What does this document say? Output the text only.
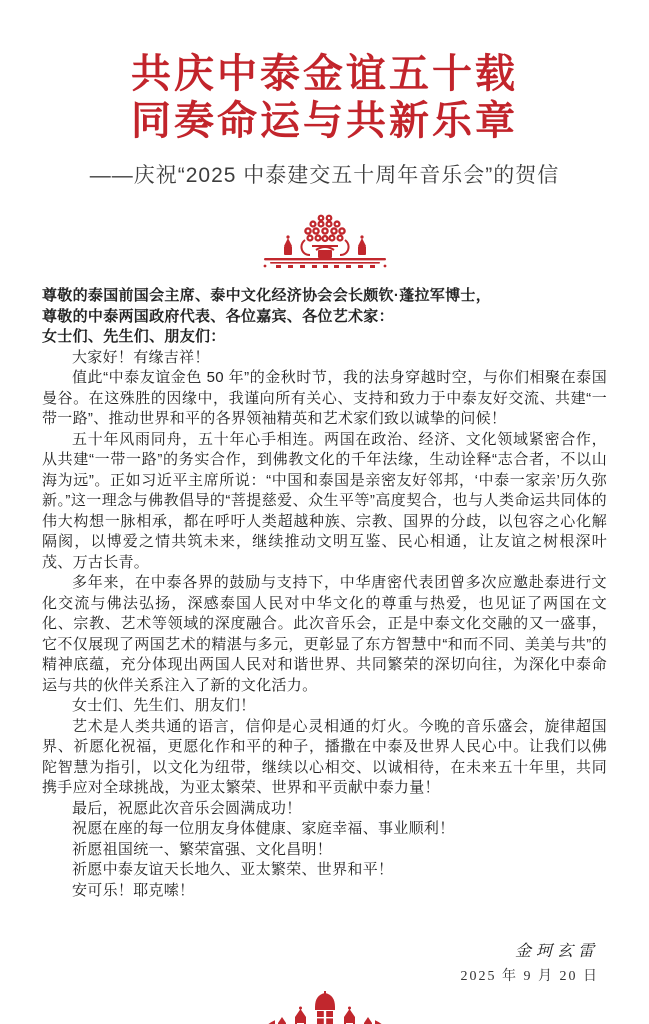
共庆中泰金谊五十载
同奏命运与共新乐章
——庆祝“2025 中泰建交五十周年音乐会”的贺信

尊敬的泰国前国会主席、泰中文化经济协会会长颇钦·蓬拉军博士，

尊敬的中泰两国政府代表、各位嘉宾、各位艺术家：

女士们、先生们、朋友们：

大家好！有缘吉祥！

值此“中泰友谊金色 50 年”的金秋时节，我的法身穿越时空，与你们相聚在泰国曼谷。在这殊胜的因缘中，我谨向所有关心、支持和致力于中泰友好交流、共建“一带一路”、推动世界和平的各界领袖精英和艺术家们致以诚挚的问候！

五十年风雨同舟，五十年心手相连。两国在政治、经济、文化领域紧密合作，从共建“一带一路”的务实合作，到佛教文化的千年法缘，生动诠释“志合者，不以山海为远”。正如习近平主席所说：“中国和泰国是亲密友好邻邦，‘中泰一家亲’历久弥新。”这一理念与佛教倡导的“菩提慈爱、众生平等”高度契合，也与人类命运共同体的伟大构想一脉相承，都在呼吁人类超越种族、宗教、国界的分歧，以包容之心化解隔阂，以博爱之情共筑未来，继续推动文明互鉴、民心相通，让友谊之树根深叶茂、万古长青。

多年来，在中泰各界的鼓励与支持下，中华唐密代表团曾多次应邀赴泰进行文化交流与佛法弘扬，深感泰国人民对中华文化的尊重与热爱，也见证了两国在文化、宗教、艺术等领域的深度融合。此次音乐会，正是中泰文化交融的又一盛事，它不仅展现了两国艺术的精湛与多元，更彰显了东方智慧中“和而不同、美美与共”的精神底蕴，充分体现出两国人民对和谐世界、共同繁荣的深切向往，为深化中泰命运与共的伙伴关系注入了新的文化活力。

女士们、先生们、朋友们！

艺术是人类共通的语言，信仰是心灵相通的灯火。今晚的音乐盛会，旋律超国界、祈愿化祝福，更愿化作和平的种子，播撒在中泰及世界人民心中。让我们以佛陀智慧为指引，以文化为纽带，继续以心相交、以诚相待，在未来五十年里，共同携手应对全球挑战，为亚太繁荣、世界和平贡献中泰力量！

最后，祝愿此次音乐会圆满成功！

祝愿在座的每一位朋友身体健康、家庭幸福、事业顺利！

祈愿祖国统一、繁荣富强、文化昌明！

祈愿中泰友谊天长地久、亚太繁荣、世界和平！

安可乐！耶克嗦！

金珂玄雷
2025 年 9 月 20 日
